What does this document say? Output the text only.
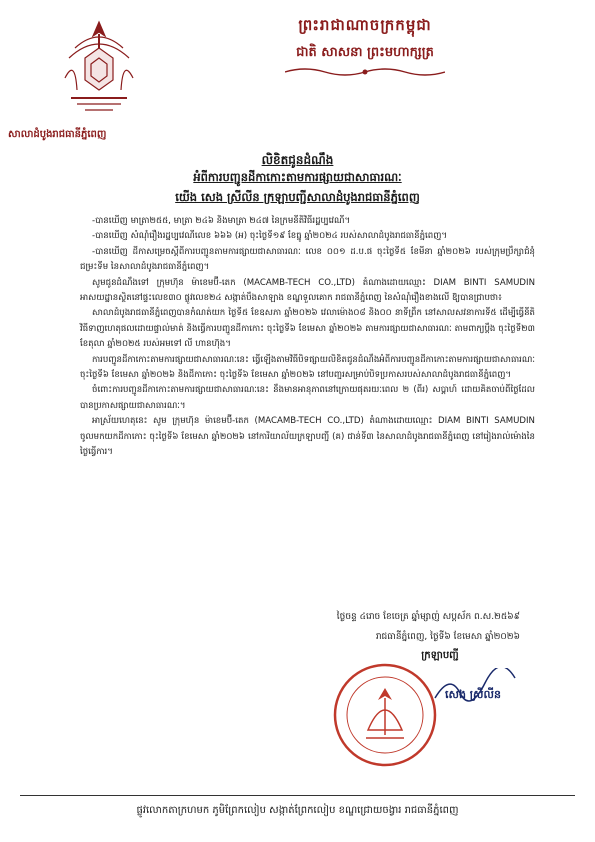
សាលាដំបូងរាជធានីភ្នំពេញ
ព្រះរាជាណាចក្រកម្ពុជា
ជាតិ សាសនា ព្រះមហាក្សត្រ
លិខិតជូនដំណឹង
អំពីការបញ្ជូនដីកាកោះតាមការផ្សាយជាសាធារណៈ
យើង សេង ស្រីលីន ក្រឡាបញ្ជីសាលាដំបូងរាជធានីភ្នំពេញ

-បានឃើញ មាត្រា២៥៥, មាត្រា ២៤៦ និងមាត្រា ២៤៧ នៃក្រមនីតិវិធីរដ្ឋប្បវេណី។

-បានឃើញ សំណុំរឿងរដ្ឋប្បវេណីលេខ ៦៦៦ (អ) ចុះថ្ងៃទី១៩ ខែធ្នូ ឆ្នាំ២០២៤ របស់សាលាដំបូងរាជធានីភ្នំពេញ។

-បានឃើញ ដីកាសម្រេចស្ដីពីការបញ្ជូនតាមការផ្សាយជាសាធារណៈ លេខ ០០១ ដ.ប.ផ ចុះថ្ងៃទី៥ ខែមីនា ឆ្នាំ២០២៦ របស់ក្រុមប្រឹក្សាជំនុំជម្រះទីម នៃសាលាដំបូងរាជធានីភ្នំពេញ។

សូមជូនដំណឹងទៅ ក្រុមហ៊ុន ម៉ាខេមប៊ី-តេក (MACAMB-TECH CO.,LTD) តំណាងដោយឈ្មោះ DIAM BINTI SAMUDIN អាសយដ្ឋានស្ថិតនៅផ្ទះលេខ៣០ ផ្លូវលេខ២៤ សង្កាត់បឹងសាឡាង ខណ្ឌទួលគោក រាជធានីភ្នំពេញ នៃសំណុំរឿងខាងលើ ឱ្យបានជ្រាបថា៖

សាលាដំបូងរាជធានីភ្នំពេញបានកំណត់យក ថ្ងៃទី៥ ខែឧសភា ឆ្នាំ២០២៦ វេលាម៉ោង០៨ និង០០ នាទីព្រឹក នៅសាលសវនាការទី៥ ដើម្បីធ្វើនីតិវិធីទាញហេតុផលដោយផ្ទាល់មាត់ និងធ្វើការបញ្ជូនដីកាកោះ ចុះថ្ងៃទី៦ ខែមេសា ឆ្នាំ២០២៦ តាមការផ្សាយជាសាធារណៈ តាមពាក្យប្ដឹង ចុះថ្ងៃទី២៣ ខែតុលា ឆ្នាំ២០២៥ របស់អមទៅ លី ហានហ៊ុង។

ការបញ្ជូនដីកាកោះតាមការផ្សាយជាសាធារណៈនេះ ធ្វើឡើងតាមវិធីបិទផ្សាយលិខិតជូនដំណឹងអំពីការបញ្ជូនដីកាកោះតាមការផ្សាយជាសាធារណៈ ចុះថ្ងៃទី៦ ខែមេសា ឆ្នាំ២០២៦ និងដីកាកោះ ចុះថ្ងៃទី៦ ខែមេសា ឆ្នាំ២០២៦ នៅបញ្ជរសម្រាប់បិទប្រកាសរបស់សាលាដំបូងរាជធានីភ្នំពេញ។

ចំពោះការបញ្ជូនដីកាកោះតាមការផ្សាយជាសាធារណៈនេះ នឹងមានអានុភាពនៅក្រោយផុតរយៈពេល ២ (ពីរ) សប្ដាហ៍ ដោយគិតចាប់ពីថ្ងៃដែលបានប្រកាសផ្សាយជាសាធារណៈ។

អាស្រ័យហេតុនេះ សូម ក្រុមហ៊ុន ម៉ាខេមប៊ី-តេក (MACAMB-TECH CO.,LTD) តំណាងដោយឈ្មោះ DIAM BINTI SAMUDIN ចូលមកយកដីកាកោះ ចុះថ្ងៃទី៦ ខែមេសា ឆ្នាំ២០២៦ នៅការិយាល័យក្រឡាបញ្ជី (គ) ជាន់ទី៣ នៃសាលាដំបូងរាជធានីភ្នំពេញ នៅរៀងរាល់ម៉ោងនៃថ្ងៃធ្វើការ។

ថ្ងៃចន្ទ ៤រោច ខែចេត្រ ឆ្នាំម្សាញ់ សប្ដស័ក ព.ស.២៥៦៩
រាជធានីភ្នំពេញ, ថ្ងៃទី៦ ខែមេសា ឆ្នាំ២០២៦
ក្រឡាបញ្ជី
សេង ស្រីលីន
ផ្លូវលោកតាក្រហមក ភូមិព្រែកលៀប សង្កាត់ព្រែកលៀប ខណ្ឌជ្រោយចង្វារ រាជធានីភ្នំពេញ
